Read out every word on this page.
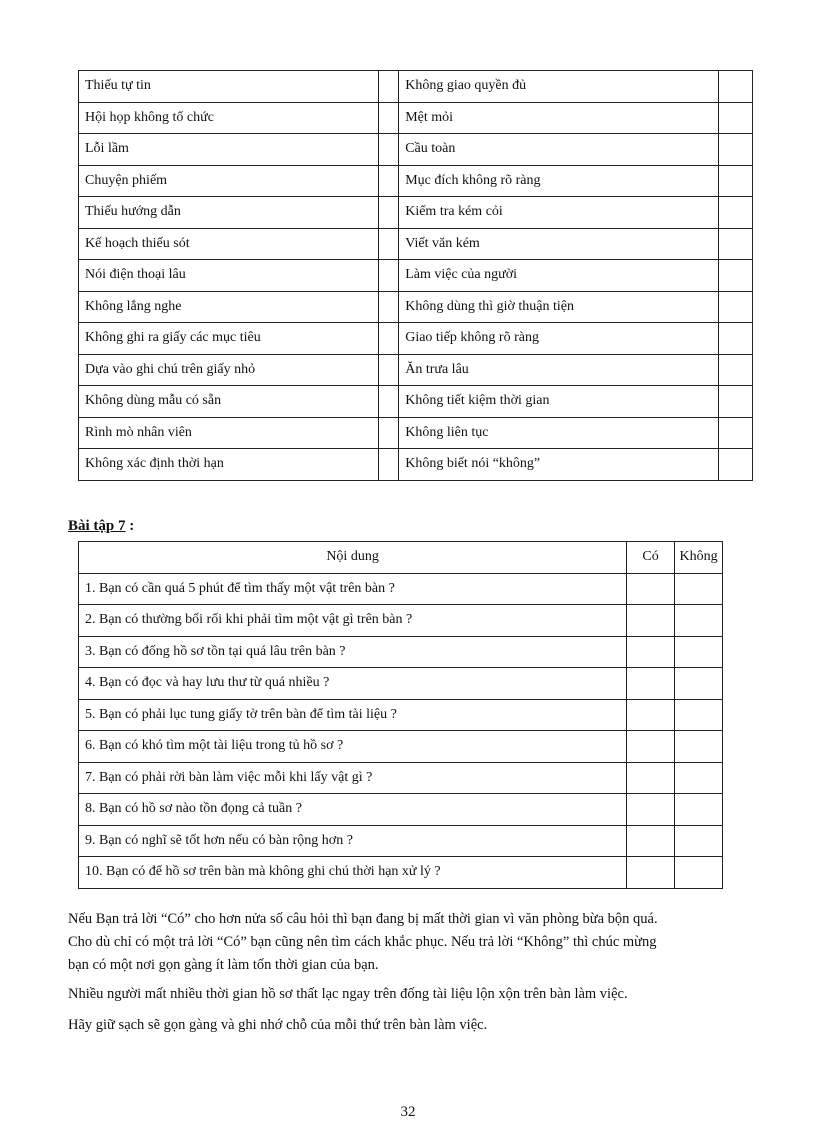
Thiếu tự tin		Không giao quyền đủ	
Hội họp không tổ chức		Mệt mỏi	
Lỗi lầm		Cầu toàn	
Chuyện phiếm		Mục đích không rõ ràng	
Thiếu hướng dẫn		Kiểm tra kém cỏi	
Kế hoạch thiếu sót		Viết văn kém	
Nói điện thoại lâu		Làm việc của người	
Không lắng nghe		Không dùng thì giờ thuận tiện	
Không ghi ra giấy các mục tiêu		Giao tiếp không rõ ràng	
Dựa vào ghi chú trên giấy nhỏ		Ăn trưa lâu	
Không dùng mẫu có sẵn		Không tiết kiệm thời gian	
Rình mò nhân viên		Không liên tục	
Không xác định thời hạn		Không biết nói “không”	
Bài tập 7 :
Nội dung	Có	Không
1. Bạn có cần quá 5 phút để tìm thấy một vật trên bàn ?		
2. Bạn có thường bối rối khi phải tìm một vật gì trên bàn ?		
3. Bạn có đống hồ sơ tồn tại quá lâu trên bàn ?		
4. Bạn có đọc và hay lưu thư từ quá nhiều ?		
5. Bạn có phải lục tung giấy tờ trên bàn để tìm tài liệu ?		
6. Bạn có khó tìm một tài liệu trong tủ hồ sơ ?		
7. Bạn có phải rời bàn làm việc mỗi khi lấy vật gì ?		
8. Bạn có hồ sơ nào tồn đọng cả tuần ?		
9. Bạn có nghĩ sẽ tốt hơn nếu có bàn rộng hơn ?		
10. Bạn có để hồ sơ trên bàn mà không ghi chú thời hạn xử lý ?		

Nếu Bạn trả lời “Có” cho hơn nửa số câu hỏi thì bạn đang bị mất thời gian vì văn phòng bừa bộn quá.
Cho dù chỉ có một trả lời “Có” bạn cũng nên tìm cách khắc phục. Nếu trả lời “Không” thì chúc mừng
bạn có một nơi gọn gàng ít làm tốn thời gian của bạn.

Nhiều người mất nhiều thời gian hồ sơ thất lạc ngay trên đống tài liệu lộn xộn trên bàn làm việc.

Hãy giữ sạch sẽ gọn gàng và ghi nhớ chỗ của mỗi thứ trên bàn làm việc.

32
